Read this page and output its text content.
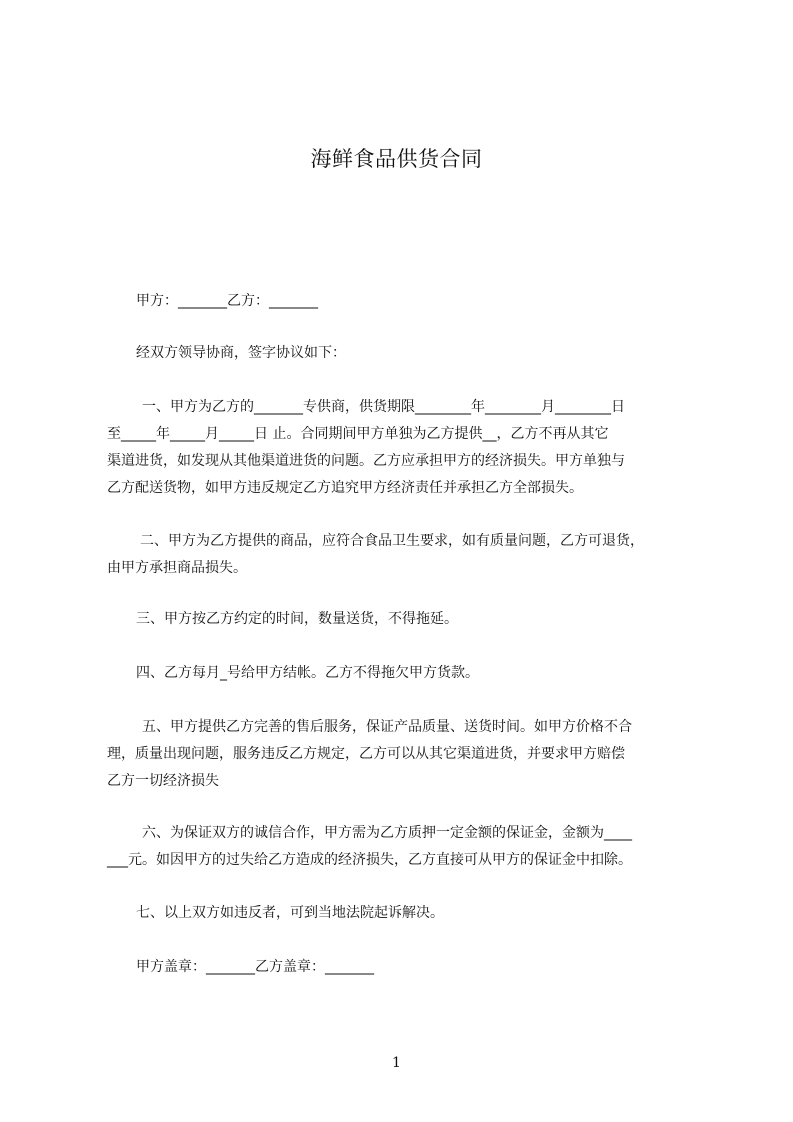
海鲜食品供货合同
甲方：_______乙方：_______
经双方领导协商，签字协议如下：
一、甲方为乙方的_______专供商，供货期限________年________月________日
至_____年_____月_____日 止。合同期间甲方单独为乙方提供__，乙方不再从其它
渠道进货，如发现从其他渠道进货的问题。乙方应承担甲方的经济损失。甲方单独与
乙方配送货物，如甲方违反规定乙方追究甲方经济责任并承担乙方全部损失。
二、甲方为乙方提供的商品，应符合食品卫生要求，如有质量问题，乙方可退货，
由甲方承担商品损失。
三、甲方按乙方约定的时间，数量送货，不得拖延。
四、乙方每月_号给甲方结帐。乙方不得拖欠甲方货款。
五、甲方提供乙方完善的售后服务，保证产品质量、送货时间。如甲方价格不合
理，质量出现问题，服务违反乙方规定，乙方可以从其它渠道进货，并要求甲方赔偿
乙方一切经济损失
六、为保证双方的诚信合作，甲方需为乙方质押一定金额的保证金，金额为____
___元。如因甲方的过失给乙方造成的经济损失，乙方直接可从甲方的保证金中扣除。
七、以上双方如违反者，可到当地法院起诉解决。
甲方盖章：_______乙方盖章：_______
1
